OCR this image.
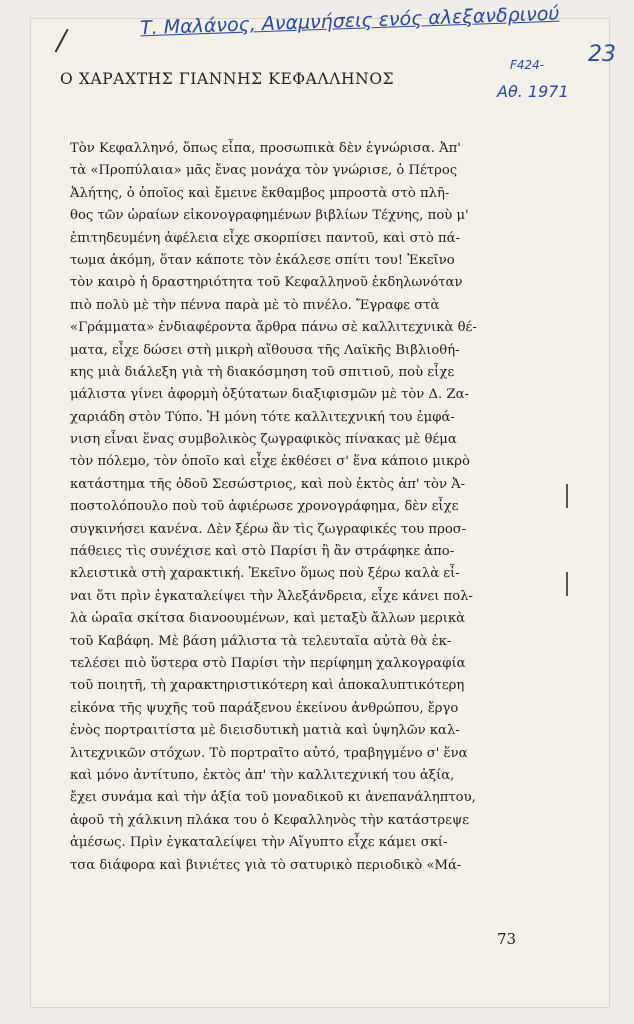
Τ. Μαλάνος, Αναμνήσεις ενός αλεξανδρινού
F424- 23
Αθ. 1971
Ο ΧΑΡΑΧΤΗΣ ΓΙΑΝΝΗΣ ΚΕΦΑΛΛΗΝΟΣ
Τὸν Κεφαλληνό, ὅπως εἶπα, προσωπικὰ δὲν ἐγνώρισα. Ἀπ'
τὰ «Προπύλαια» μᾶς ἔνας μονάχα τὸν γνώρισε, ὁ Πέτρος
Ἀλήτης, ὁ ὁποῖος καὶ ἔμεινε ἔκθαμβος μπροστὰ στὸ πλῆ-
θος τῶν ὡραίων εἰκονογραφημένων βιβλίων Τέχνης, ποὺ μ'
ἐπιτηδευμένη ἀφέλεια εἶχε σκορπίσει παντοῦ, καὶ στὸ πά-
τωμα ἀκόμη, ὅταν κάποτε τὸν ἐκάλεσε σπίτι του! Ἐκεῖνο
τὸν καιρὸ ἡ δραστηριότητα τοῦ Κεφαλληνοῦ ἐκδηλωνόταν
πιὸ πολὺ μὲ τὴν πέννα παρὰ μὲ τὸ πινέλο. Ἔγραφε στὰ
«Γράμματα» ἐνδιαφέροντα ἄρθρα πάνω σὲ καλλιτεχνικὰ θέ-
ματα, εἶχε δώσει στὴ μικρὴ αἴθουσα τῆς Λαϊκῆς Βιβλιοθή-
κης μιὰ διάλεξη γιὰ τὴ διακόσμηση τοῦ σπιτιοῦ, ποὺ εἶχε
μάλιστα γίνει ἀφορμὴ ὀξύτατων διαξιφισμῶν μὲ τὸν Δ. Ζα-
χαριάδη στὸν Τύπο. Ἡ μόνη τότε καλλιτεχνική του ἐμφά-
νιση εἶναι ἕνας συμβολικὸς ζωγραφικὸς πίνακας μὲ θέμα
τὸν πόλεμο, τὸν ὁποῖο καὶ εἶχε ἐκθέσει σ' ἕνα κάποιο μικρὸ
κατάστημα τῆς ὁδοῦ Σεσώστριος, καὶ ποὺ ἐκτὸς ἀπ' τὸν Ἀ-
ποστολόπουλο ποὺ τοῦ ἀφιέρωσε χρονογράφημα, δὲν εἶχε
συγκινήσει κανένα. Δὲν ξέρω ἂν τὶς ζωγραφικές του προσ-
πάθειες τὶς συνέχισε καὶ στὸ Παρίσι ἢ ἂν στράφηκε ἀπο-
κλειστικὰ στὴ χαρακτική. Ἐκεῖνο ὅμως ποὺ ξέρω καλὰ εἶ-
ναι ὅτι πρὶν ἐγκαταλείψει τὴν Ἀλεξάνδρεια, εἶχε κάνει πολ-
λὰ ὡραῖα σκίτσα διανοουμένων, καὶ μεταξὺ ἄλλων μερικὰ
τοῦ Καβάφη. Μὲ βάση μάλιστα τὰ τελευταῖα αὐτὰ θὰ ἐκ-
τελέσει πιὸ ὕστερα στὸ Παρίσι τὴν περίφημη χαλκογραφία
τοῦ ποιητῆ, τὴ χαρακτηριστικότερη καὶ ἀποκαλυπτικότερη
εἰκόνα τῆς ψυχῆς τοῦ παράξενου ἐκείνου ἀνθρώπου, ἔργο
ἑνὸς πορτραιτίστα μὲ διεισδυτικὴ ματιὰ καὶ ὑψηλῶν καλ-
λιτεχνικῶν στόχων. Τὸ πορτραῖτο αὐτό, τραβηγμένο σ' ἕνα
καὶ μόνο ἀντίτυπο, ἐκτὸς ἀπ' τὴν καλλιτεχνική του ἀξία,
ἔχει συνάμα καὶ τὴν ἀξία τοῦ μοναδικοῦ κι ἀνεπανάληπτου,
ἀφοῦ τὴ χάλκινη πλάκα του ὁ Κεφαλληνὸς τὴν κατάστρεψε
ἀμέσως. Πρὶν ἐγκαταλείψει τὴν Αἴγυπτο εἶχε κάμει σκί-
τσα διάφορα καὶ βινιέτες γιὰ τὸ σατυρικὸ περιοδικὸ «Μά-
73
